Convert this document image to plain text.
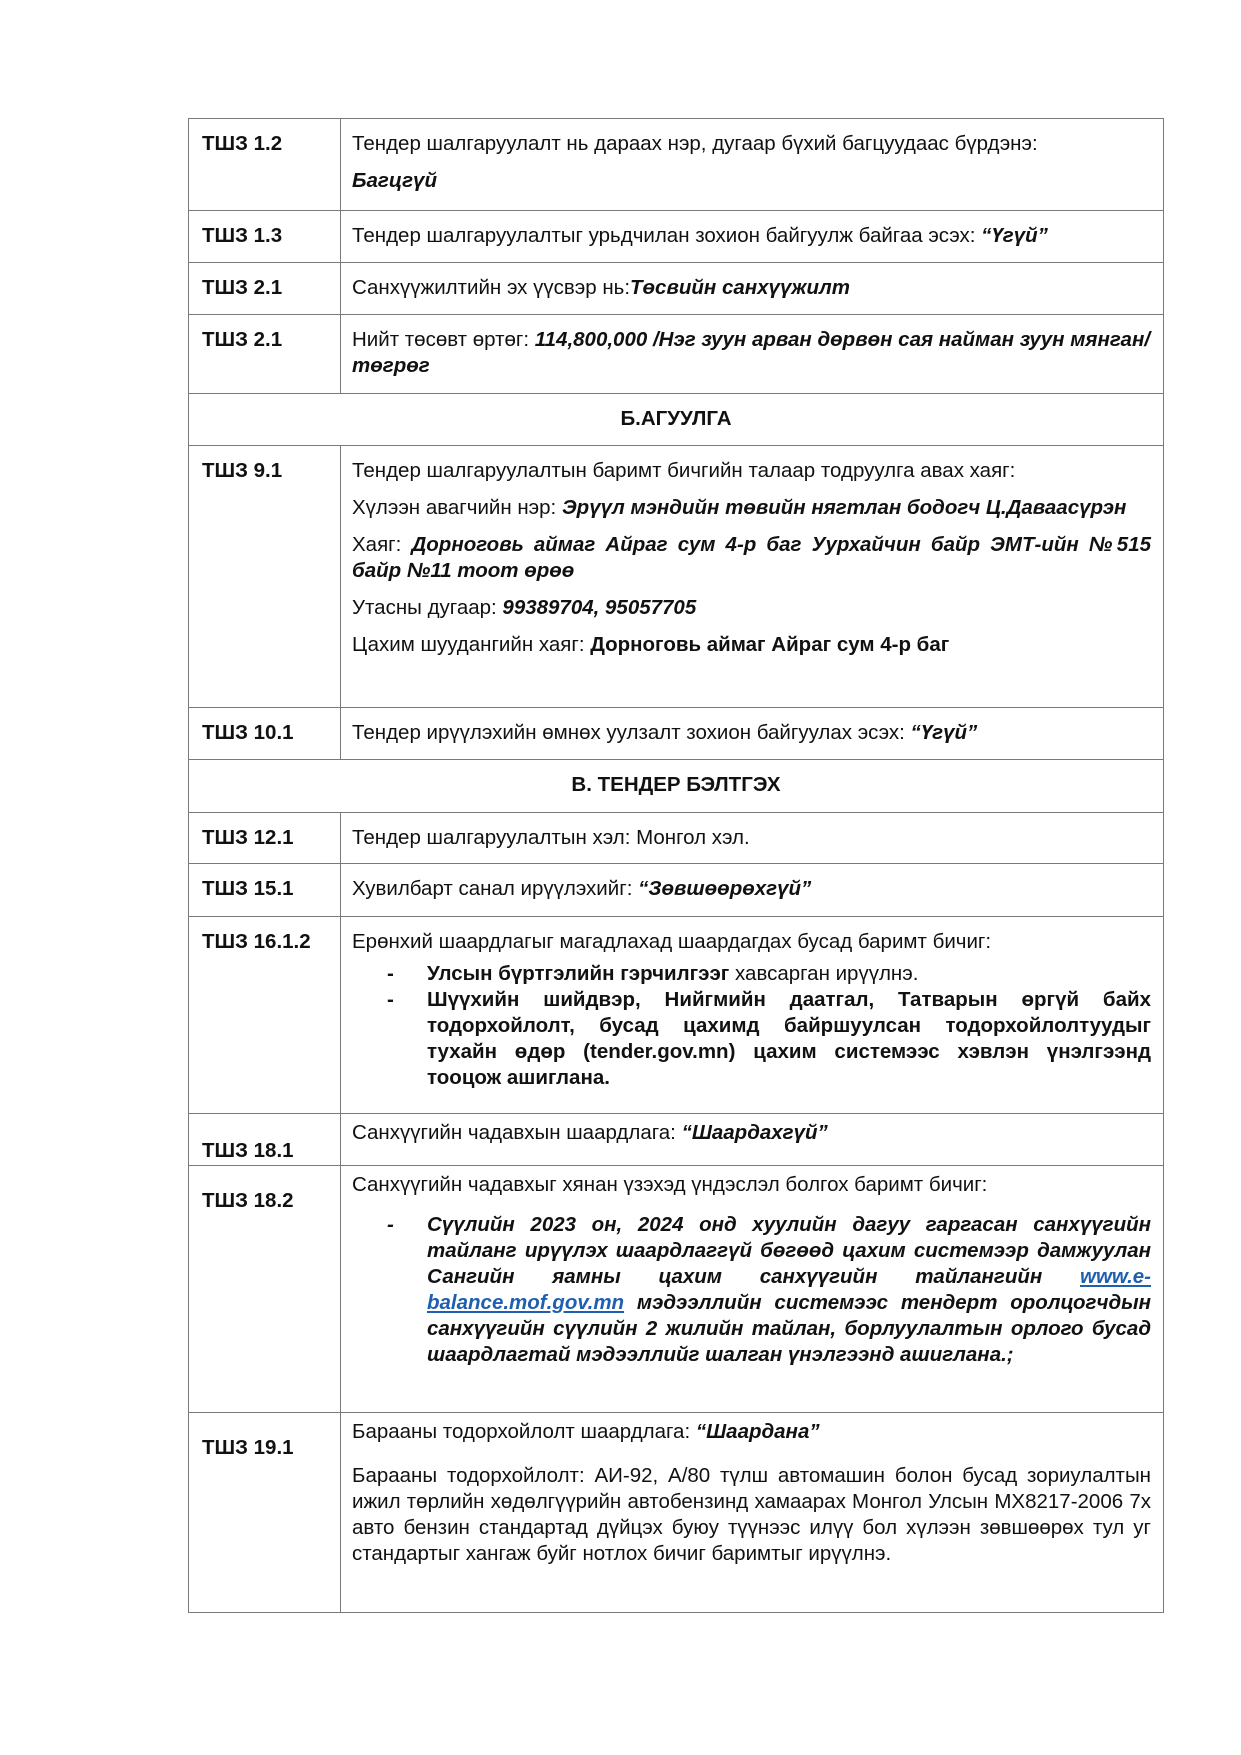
ТШЗ 1.2	Тендер шалгаруулалт нь дараах нэр, дугаар бүхий багцуудаас бүрдэнэ:

Багцгүй

ТШЗ 1.3	Тендер шалгаруулалтыг урьдчилан зохион байгуулж байгаа эсэх: “Үгүй”
ТШЗ 2.1	Санхүүжилтийн эх үүсвэр нь:Төсвийн санхүүжилт
ТШЗ 2.1	Нийт төсөвт өртөг: 114,800,000 /Нэг зуун арван дөрвөн сая найман зуун мянган/ төгрөг
Б.АГУУЛГА	
ТШЗ 9.1	Тендер шалгаруулалтын баримт бичгийн талаар тодруулга авах хаяг:

Хүлээн авагчийн нэр: Эрүүл мэндийн төвийн нягтлан бодогч Ц.Даваасүрэн

Хаяг: Дорноговь аймаг Айраг сум 4-р баг Уурхайчин байр ЭМТ-ийн №515 байр №11 тоот өрөө

Утасны дугаар: 99389704, 95057705

Цахим шуудангийн хаяг: Дорноговь аймаг Айраг сум 4-р баг

ТШЗ 10.1	Тендер ирүүлэхийн өмнөх уулзалт зохион байгуулах эсэх: “Үгүй”
В. ТЕНДЕР БЭЛТГЭХ	
ТШЗ 12.1	Тендер шалгаруулалтын хэл: Монгол хэл.
ТШЗ 15.1	Хувилбарт санал ирүүлэхийг: “Зөвшөөрөхгүй”
ТШЗ 16.1.2	Ерөнхий шаардлагыг магадлахад шаардагдах бусад баримт бичиг:

- Улсын бүртгэлийн гэрчилгээг хавсарган ирүүлнэ.
- Шүүхийн шийдвэр, Нийгмийн даатгал, Татварын өргүй байх тодорхойлолт, бусад цахимд байршуулсан тодорхойлолтуудыг тухайн өдөр (tender.gov.mn) цахим системээс хэвлэн үнэлгээнд тооцож ашиглана.

ТШЗ 18.1	Санхүүгийн чадавхын шаардлага: “Шаардахгүй”
ТШЗ 18.2	

Санхүүгийн чадавхыг хянан үзэхэд үндэслэл болгох баримт бичиг:

- Сүүлийн 2023 он, 2024 онд хуулийн дагуу гаргасан санхүүгийн тайланг ирүүлэх шаардлаггүй бөгөөд цахим системээр дамжуулан Сангийн яамны цахим санхүүгийн тайлангийн www.e-balance.mof.gov.mn мэдээллийн системээс тендерт оролцогчдын санхүүгийн сүүлийн 2 жилийн тайлан, борлуулалтын орлого бусад шаардлагтай мэдээллийг шалган үнэлгээнд ашиглана.;

ТШЗ 19.1	Барааны тодорхойлолт шаардлага: “Шаардана”

Барааны тодорхойлолт: АИ-92, А/80 түлш автомашин болон бусад зориулалтын ижил төрлийн хөдөлгүүрийн автобензинд хамаарах Монгол Улсын MX8217-2006 7x авто бензин стандартад дүйцэх буюу түүнээс илүү бол хүлээн зөвшөөрөх тул уг стандартыг хангаж буйг нотлох бичиг баримтыг ирүүлнэ.
